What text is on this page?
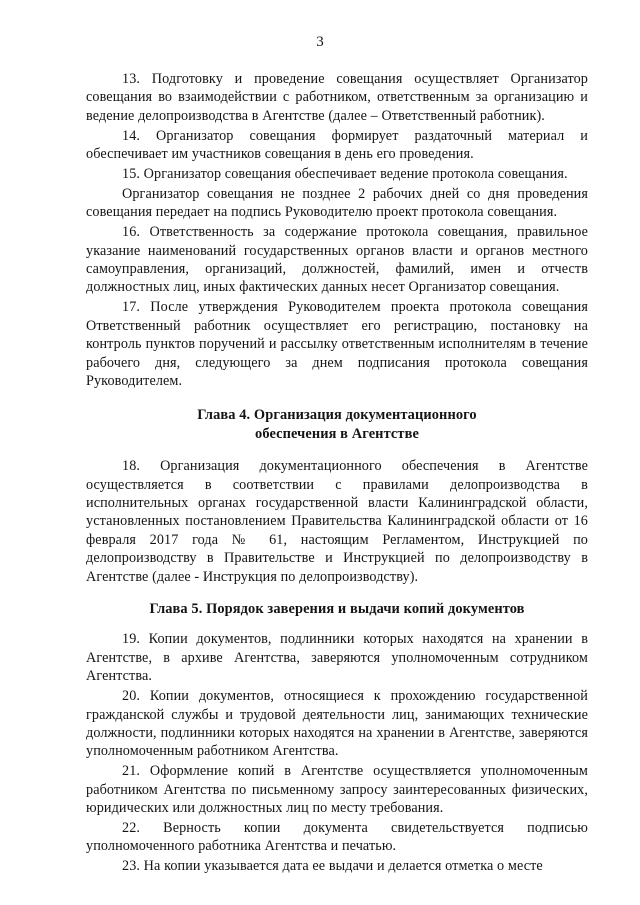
3

13. Подготовку и проведение совещания осуществляет Организатор совещания во взаимодействии с работником, ответственным за организацию и ведение делопроизводства в Агентстве (далее – Ответственный работник).

14. Организатор совещания формирует раздаточный материал и обеспечивает им участников совещания в день его проведения.

15. Организатор совещания обеспечивает ведение протокола совещания.

Организатор совещания не позднее 2 рабочих дней со дня проведения совещания передает на подпись Руководителю проект протокола совещания.

16. Ответственность за содержание протокола совещания, правильное указание наименований государственных органов власти и органов местного самоуправления, организаций, должностей, фамилий, имен и отчеств должностных лиц, иных фактических данных несет Организатор совещания.

17. После утверждения Руководителем проекта протокола совещания Ответственный работник осуществляет его регистрацию, постановку на контроль пунктов поручений и рассылку ответственным исполнителям в течение рабочего дня, следующего за днем подписания протокола совещания Руководителем.

Глава 4. Организация документационного
обеспечения в Агентстве

18. Организация документационного обеспечения в Агентстве осуществляется в соответствии с правилами делопроизводства в исполнительных органах государственной власти Калининградской области, установленных постановлением Правительства Калининградской области от 16 февраля 2017 года № 61, настоящим Регламентом, Инструкцией по делопроизводству в Правительстве и Инструкцией по делопроизводству в Агентстве (далее - Инструкция по делопроизводству).

Глава 5. Порядок заверения и выдачи копий документов

19. Копии документов, подлинники которых находятся на хранении в Агентстве, в архиве Агентства, заверяются уполномоченным сотрудником Агентства.

20. Копии документов, относящиеся к прохождению государственной гражданской службы и трудовой деятельности лиц, занимающих технические должности, подлинники которых находятся на хранении в Агентстве, заверяются уполномоченным работником Агентства.

21. Оформление копий в Агентстве осуществляется уполномоченным работником Агентства по письменному запросу заинтересованных физических, юридических или должностных лиц по месту требования.

22. Верность копии документа свидетельствуется подписью уполномоченного работника Агентства и печатью.

23. На копии указывается дата ее выдачи и делается отметка о месте
